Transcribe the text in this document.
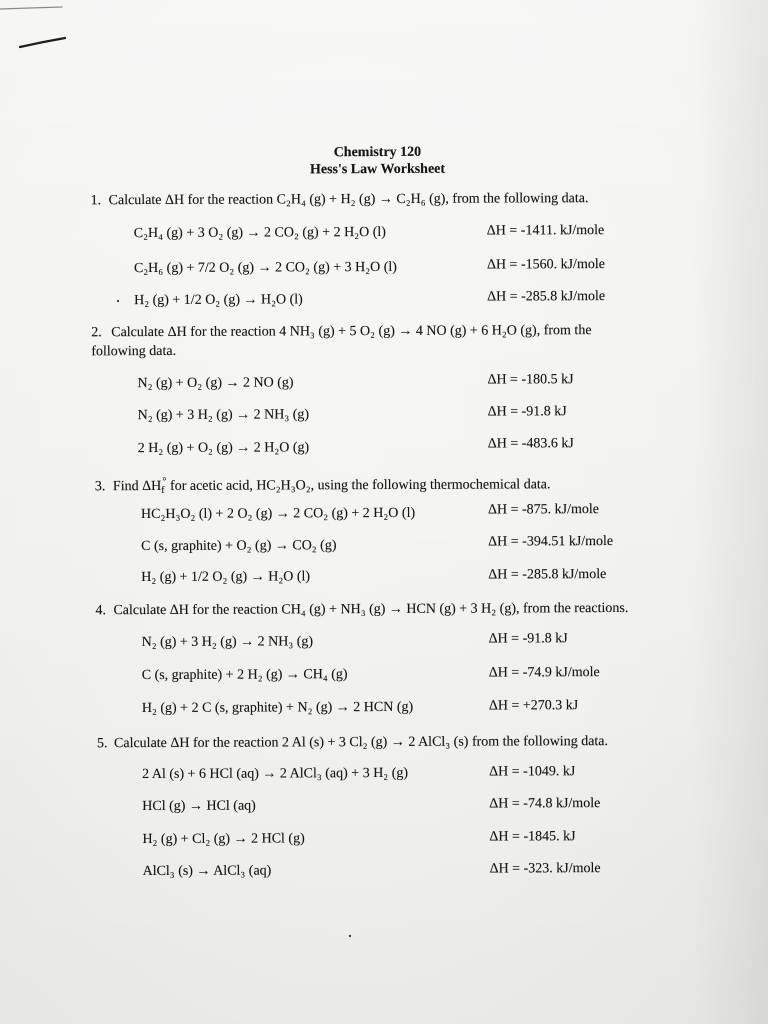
Chemistry 120
Hess's Law Worksheet
1. Calculate ΔH for the reaction C₂H₄ (g) + H₂ (g) → C₂H₆ (g), from the following data.
C₂H₄ (g) + 3 O₂ (g) → 2 CO₂ (g) + 2 H₂O (l)	ΔH = -1411. kJ/mole
C₂H₆ (g) + 7/2 O₂ (g) → 2 CO₂ (g) + 3 H₂O (l)	ΔH = -1560. kJ/mole
H₂ (g) + 1/2 O₂ (g) → H₂O (l)	ΔH = -285.8 kJ/mole
2. Calculate ΔH for the reaction 4 NH₃ (g) + 5 O₂ (g) → 4 NO (g) + 6 H₂O (g), from the
following data.
N₂ (g) + O₂ (g) → 2 NO (g)	ΔH = -180.5 kJ
N₂ (g) + 3 H₂ (g) → 2 NH₃ (g)	ΔH = -91.8 kJ
2 H₂ (g) + O₂ (g) → 2 H₂O (g)	ΔH = -483.6 kJ
3. Find $\Delta H_f^\circ$ for acetic acid, HC₂H₃O₂, using the following thermochemical data.
HC₂H₃O₂ (l) + 2 O₂ (g) → 2 CO₂ (g) + 2 H₂O (l)	ΔH = -875. kJ/mole
C (s, graphite) + O₂ (g) → CO₂ (g)	ΔH = -394.51 kJ/mole
H₂ (g) + 1/2 O₂ (g) → H₂O (l)	ΔH = -285.8 kJ/mole
4. Calculate ΔH for the reaction CH₄ (g) + NH₃ (g) → HCN (g) + 3 H₂ (g), from the reactions.
N₂ (g) + 3 H₂ (g) → 2 NH₃ (g)	ΔH = -91.8 kJ
C (s, graphite) + 2 H₂ (g) → CH₄ (g)	ΔH = -74.9 kJ/mole
H₂ (g) + 2 C (s, graphite) + N₂ (g) → 2 HCN (g)	ΔH = +270.3 kJ
5. Calculate ΔH for the reaction 2 Al (s) + 3 Cl₂ (g) → 2 AlCl₃ (s) from the following data.
2 Al (s) + 6 HCl (aq) → 2 AlCl₃ (aq) + 3 H₂ (g)	ΔH = -1049. kJ
HCl (g) → HCl (aq)	ΔH = -74.8 kJ/mole
H₂ (g) + Cl₂ (g) → 2 HCl (g)	ΔH = -1845. kJ
AlCl₃ (s) → AlCl₃ (aq)	ΔH = -323. kJ/mole
